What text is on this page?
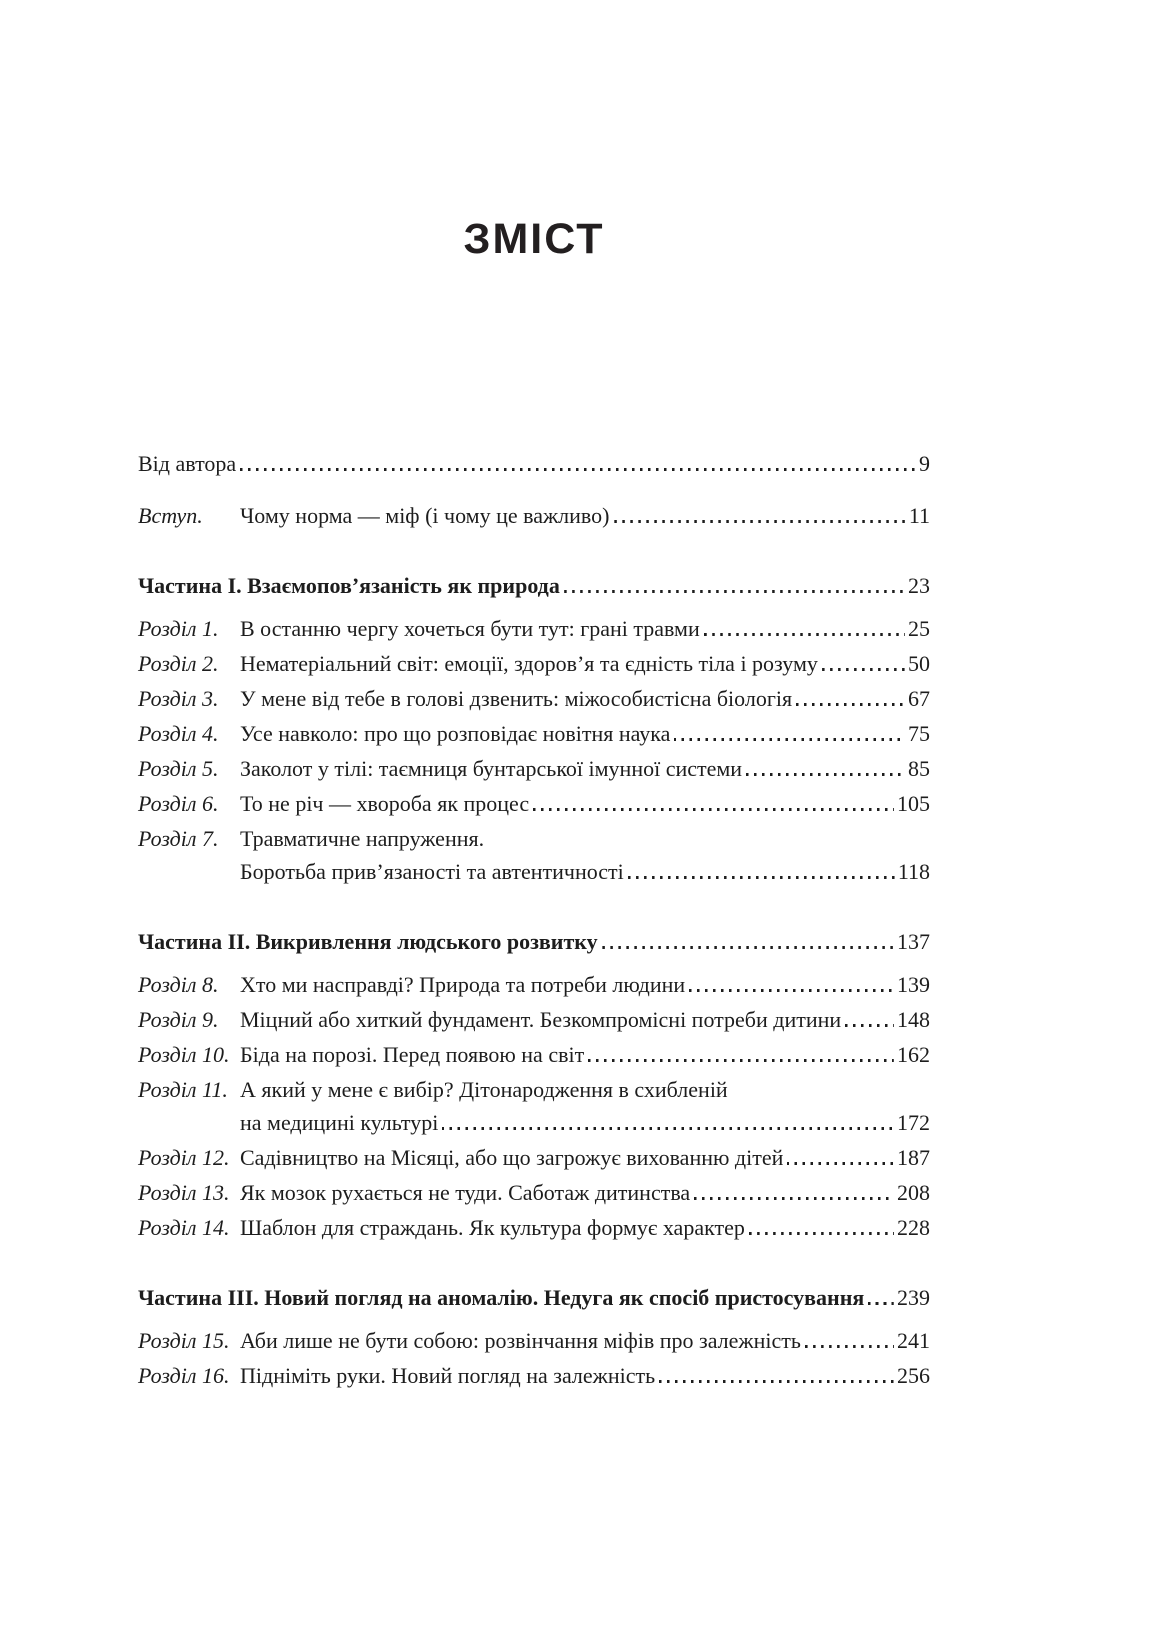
ЗМІСТ
Від автора	9
Вступ.	Чому норма — міф (і чому це важливо)	11
Частина I. Взаємопов’язаність як природа	23
Розділ 1. В останню чергу хочеться бути тут: грані травми	25
Розділ 2. Нематеріальний світ: емоції, здоров’я та єдність тіла і розуму	50
Розділ 3. У мене від тебе в голові дзвенить: міжособистісна біологія	67
Розділ 4. Усе навколо: про що розповідає новітня наука	75
Розділ 5. Заколот у тілі: таємниця бунтарської імунної системи	85
Розділ 6. То не річ — хвороба як процес	105
Розділ 7. Травматичне напруження.
Боротьба прив’язаності та автентичності	118
Частина II. Викривлення людського розвитку	137
Розділ 8. Хто ми насправді? Природа та потреби людини	139
Розділ 9. Міцний або хиткий фундамент. Безкомпромісні потреби дитини	148
Розділ 10. Біда на порозі. Перед появою на світ	162
Розділ 11. А який у мене є вибір? Дітонародження в схибленій
на медицині культурі	172
Розділ 12. Садівництво на Місяці, або що загрожує вихованню дітей	187
Розділ 13. Як мозок рухається не туди. Саботаж дитинства	208
Розділ 14. Шаблон для страждань. Як культура формує характер	228
Частина III. Новий погляд на аномалію. Недуга як спосіб пристосування 239
Розділ 15. Аби лише не бути собою: розвінчання міфів про залежність	241
Розділ 16. Підніміть руки. Новий погляд на залежність	256
